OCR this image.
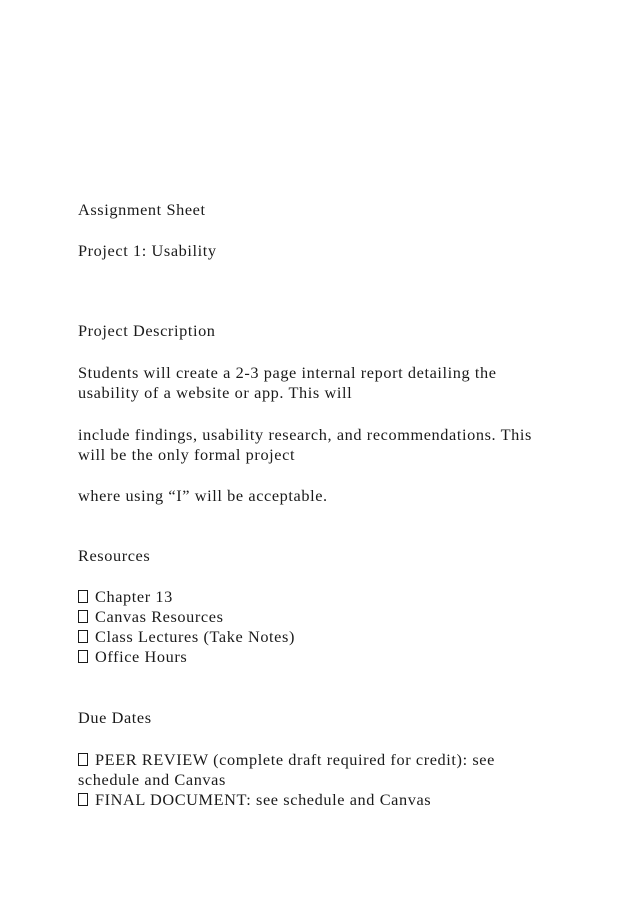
Assignment Sheet
Project 1: Usability
Project Description
Students will create a 2-3 page internal report detailing the
usability of a website or app. This will
include findings, usability research, and recommendations. This
will be the only formal project
where using “I” will be acceptable.
Resources
Chapter 13
Canvas Resources
Class Lectures (Take Notes)
Office Hours
Due Dates
PEER REVIEW (complete draft required for credit): see
schedule and Canvas
FINAL DOCUMENT: see schedule and Canvas
